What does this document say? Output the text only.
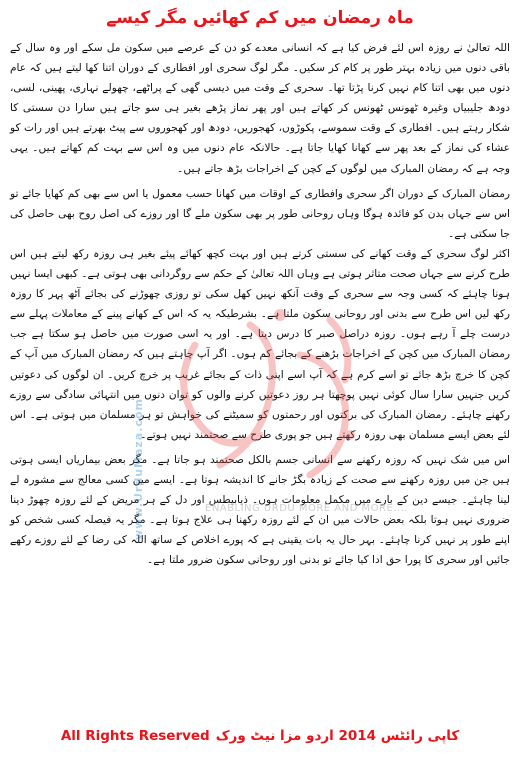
ماہ رمضان میں کم کھائیں مگر کیسے

اللہ تعالیٰ نے روزہ اس لئے فرض کیا ہے کہ انسانی معدے کو دن کے عرصے میں سکون مل سکے اور وہ سال کے باقی دنوں میں زیادہ بہتر طور پر کام کر سکیں۔ مگر لوگ سحری اور افطاری کے دوران اتنا کھا لیتے ہیں کہ عام دنوں میں بھی اتنا کام نہیں کرنا پڑتا تھا۔ سحری کے وقت میں دیسی گھی کے پراٹھے، چھولے نہاری، پھینی، لسی، دودھ جلیبیاں وغیرہ ٹھونس ٹھونس کر کھاتے ہیں اور پھر نماز پڑھے بغیر ہی سو جاتے ہیں سارا دن سستی کا شکار رہتے ہیں۔ افطاری کے وقت سموسے، پکوڑوں، کھجوریں، دودھ اور کھجوروں سے پیٹ بھرتے ہیں اور رات کو عشاء کی نماز کے بعد پھر سے کھانا کھایا جاتا ہے۔ حالانکہ عام دنوں میں وہ اس سے بہت کم کھاتے ہیں۔ یہی وجہ ہے کہ رمضان المبارک میں لوگوں کے کچن کے اخراجات بڑھ جاتے ہیں۔

رمضان المبارک کے دوران اگر سحری وافطاری کے اوقات میں کھانا حسب معمول یا اس سے بھی کم کھایا جائے تو اس سے جہاں بدن کو فائدہ ہوگا وہاں روحانی طور پر بھی سکون ملے گا اور روزے کی اصل روح بھی حاصل کی جا سکتی ہے۔

اکثر لوگ سحری کے وقت کھانے کی سستی کرتے ہیں اور بہت کچھ کھائے پیئے بغیر ہی روزہ رکھ لیتے ہیں اس طرح کرنے سے جہاں صحت متاثر ہوتی ہے وہاں اللہ تعالیٰ کے حکم سے روگردانی بھی ہوتی ہے۔ کبھی ایسا نہیں ہونا چاہئے کہ کسی وجہ سے سحری کے وقت آنکھ نہیں کھل سکی تو روزی چھوڑنے کی بجائے آٹھ پہر کا روزہ رکھ لیں اس طرح سے بدنی اور روحانی سکون ملتا ہے۔ بشرطیکہ یہ کہ اس کے کھانے پینے کے معاملات پہلے سے درست چلے آ رہے ہوں۔ روزہ دراصل صبر کا درس دیتا ہے۔ اور یہ اسی صورت میں حاصل ہو سکتا ہے جب رمضان المبارک میں کچن کے اخراجات بڑھنے کے بجائے کم ہوں۔ اگر آپ چاہتے ہیں کہ رمضان المبارک میں آپ کے کچن کا خرچ بڑھ جائے تو اسے کرم ہے کہ آپ اسے اپنی ذات کے بجائے غریب پر خرچ کریں۔ ان لوگوں کی دعوتیں کریں جنہیں سارا سال کوئی نہیں پوچھتا ہر روز دعوتیں کرنے والوں کو توان دنوں میں انتہائی سادگی سے روزے رکھنے چاہئے۔ رمضان المبارک کی برکتوں اور رحمتوں کو سمیٹنے کی خواہش تو ہر مسلمان میں ہوتی ہے۔ اس لئے بعض ایسے مسلمان بھی روزہ رکھتے ہیں جو پوری طرح سے صحتمند نہیں ہوتے۔

اس میں شک نہیں کہ روزہ رکھنے سے انسانی جسم بالکل صحتمند ہو جاتا ہے۔ مگر بعض بیماریاں ایسی ہوتی ہیں جن میں روزہ رکھنے سے صحت کے زیادہ بگڑ جانے کا اندیشہ ہوتا ہے۔ ایسے میں کسی معالج سے مشورہ لے لینا چاہئے۔ جیسے دین کے بارے میں مکمل معلومات ہوں۔ ذیابیطس اور دل کے ہر مریض کے لئے روزہ چھوڑ دینا ضروری نہیں ہوتا بلکہ بعض حالات میں ان کے لئے روزہ رکھنا ہی علاج ہوتا ہے۔ مگر یہ فیصلہ کسی شخص کو اپنے طور پر نہیں کرنا چاہئے۔ بہر حال یہ بات یقینی ہے کہ پورے اخلاص کے ساتھ اللہ کی رضا کے لئے روزے رکھے جائیں اور سحری کا پورا حق ادا کیا جائے تو بدنی اور روحانی سکون ضرور ملتا ہے۔

www.UrduMaza.com	ENABLING URDU MORE AND MORE....
All Rights Reserved کاپی رائٹس 2014 اردو مزا نیٹ ورک
